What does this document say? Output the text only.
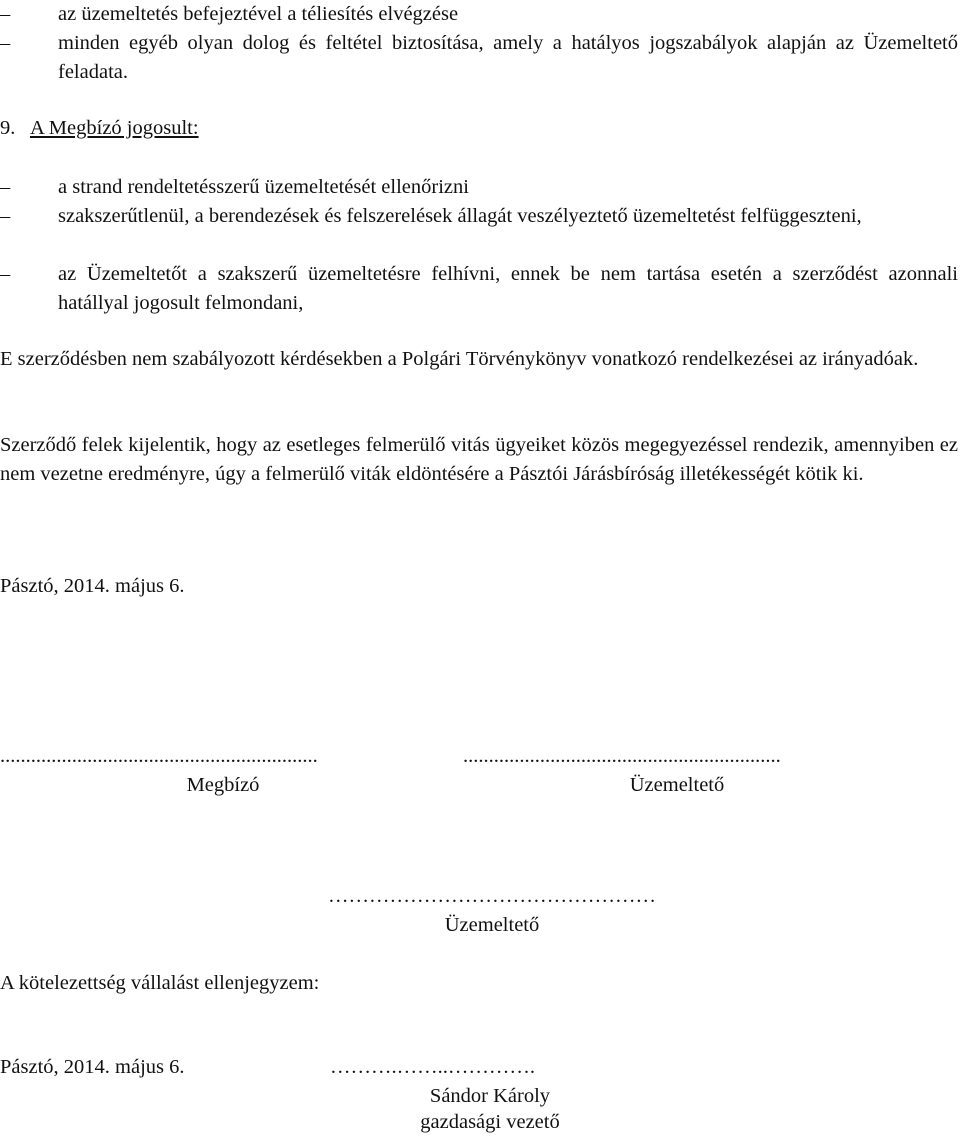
–	az üzemeltetés befejeztével a téliesítés elvégzése
–	minden egyéb olyan dolog és feltétel biztosítása, amely a hatályos jogszabályok alapján az Üzemeltető feladata.
9. A Megbízó jogosult:
–	a strand rendeltetésszerű üzemeltetését ellenőrizni
–	szakszerűtlenül, a berendezések és felszerelések állagát veszélyeztető üzemeltetést felfüggeszteni,
–	az Üzemeltetőt a szakszerű üzemeltetésre felhívni, ennek be nem tartása esetén a szerződést azonnali hatállyal jogosult felmondani,
E szerződésben nem szabályozott kérdésekben a Polgári Törvénykönyv vonatkozó rendelkezései az irányadóak.
Szerződő felek kijelentik, hogy az esetleges felmerülő vitás ügyeiket közös megegyezéssel rendezik, amennyiben ez nem vezetne eredményre, úgy a felmerülő viták eldöntésére a Pásztói Járásbíróság illetékességét kötik ki.
Pásztó, 2014. május 6.
..............................................................
Megbízó
..............................................................
Üzemeltető
…………………………………………
Üzemeltető
A kötelezettség vállalást ellenjegyzem:
Pásztó, 2014. május 6.	……….……..………….
Sándor Károly
gazdasági vezető
